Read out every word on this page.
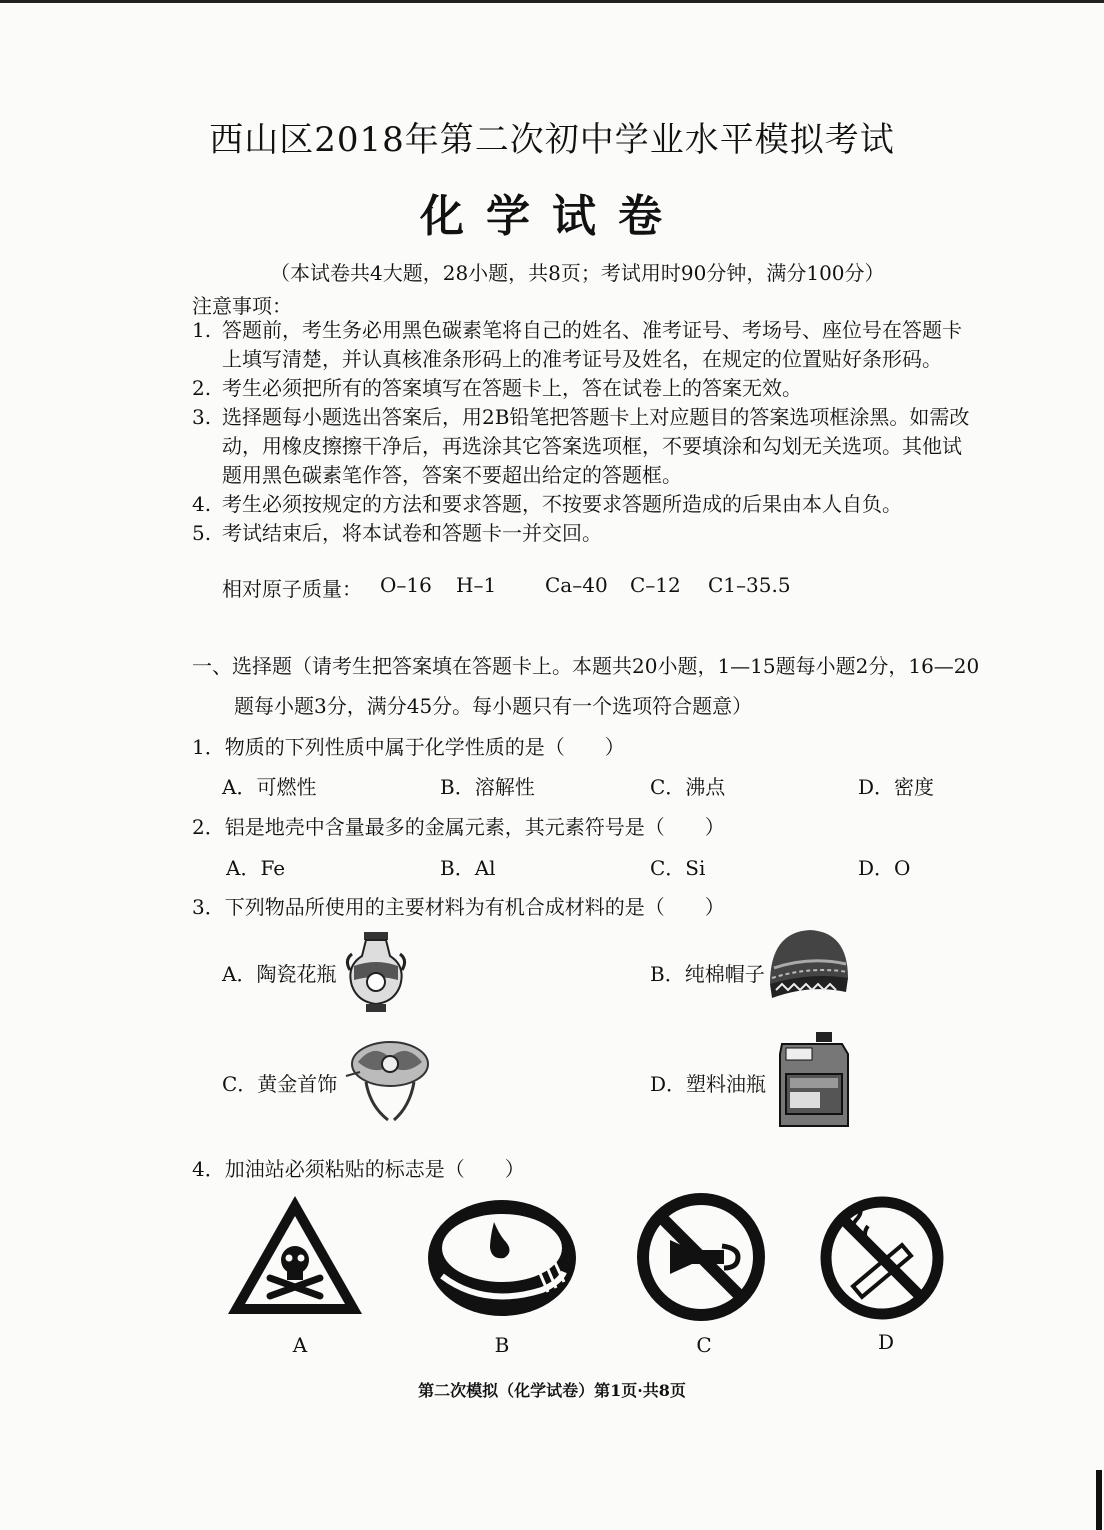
西山区2018年第二次初中学业水平模拟考试
化学试卷
（本试卷共4大题，28小题，共8页；考试用时90分钟，满分100分）
注意事项：
1. 答题前，考生务必用黑色碳素笔将自己的姓名、准考证号、考场号、座位号在答题卡
上填写清楚，并认真核准条形码上的准考证号及姓名，在规定的位置贴好条形码。
2. 考生必须把所有的答案填写在答题卡上，答在试卷上的答案无效。
3. 选择题每小题选出答案后，用2B铅笔把答题卡上对应题目的答案选项框涂黑。如需改
动，用橡皮擦擦干净后，再选涂其它答案选项框，不要填涂和勾划无关选项。其他试
题用黑色碳素笔作答，答案不要超出给定的答题框。
4. 考生必须按规定的方法和要求答题，不按要求答题所造成的后果由本人自负。
5. 考试结束后，将本试卷和答题卡一并交回。
相对原子质量： O–16 H–1 Ca–40 C–12 C1–35.5
一、选择题（请考生把答案填在答题卡上。本题共20小题，1—15题每小题2分，16—20
题每小题3分，满分45分。每小题只有一个选项符合题意）
1．物质的下列性质中属于化学性质的是（　　）
A．可燃性	B．溶解性	C．沸点	D．密度
2．铝是地壳中含量最多的金属元素，其元素符号是（　　）
A．Fe	B．Al	C．Si	D．O
3．下列物品所使用的主要材料为有机合成材料的是（　　）
A．陶瓷花瓶	B．纯棉帽子
C．黄金首饰	D．塑料油瓶
4．加油站必须粘贴的标志是（　　）
A	B	C	D
第二次模拟（化学试卷）第1页·共8页
